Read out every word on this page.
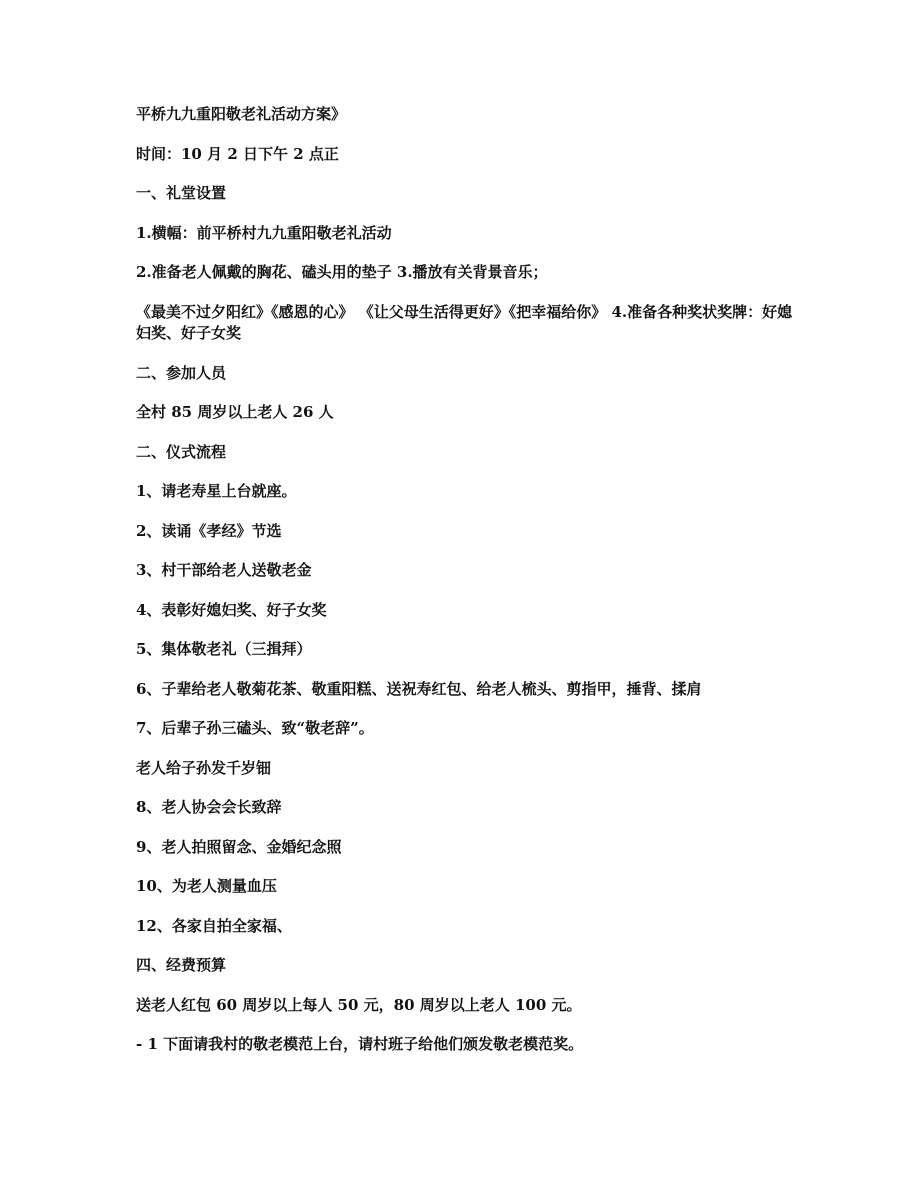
平桥九九重阳敬老礼活动方案》

时间：10 月 2 日下午 2 点正

一、礼堂设置

1.横幅：前平桥村九九重阳敬老礼活动

2.准备老人佩戴的胸花、磕头用的垫子 3.播放有关背景音乐；

《最美不过夕阳红》《感恩的心》 《让父母生活得更好》《把幸福给你》 4.准备各种奖状奖牌：好媳妇奖、好子女奖

二、参加人员

全村 85 周岁以上老人 26 人

二、仪式流程

1、请老寿星上台就座。

2、读诵《孝经》节选

3、村干部给老人送敬老金

4、表彰好媳妇奖、好子女奖

5、集体敬老礼（三揖拜）

6、子辈给老人敬菊花茶、敬重阳糕、送祝寿红包、给老人梳头、剪指甲，捶背、揉肩

7、后辈子孙三磕头、致“敬老辞”。

老人给子孙发千岁钿

8、老人协会会长致辞

9、老人拍照留念、金婚纪念照

10、为老人测量血压

12、各家自拍全家福、

四、经费预算

送老人红包 60 周岁以上每人 50 元，80 周岁以上老人 100 元。

- 1 下面请我村的敬老模范上台，请村班子给他们颁发敬老模范奖。
